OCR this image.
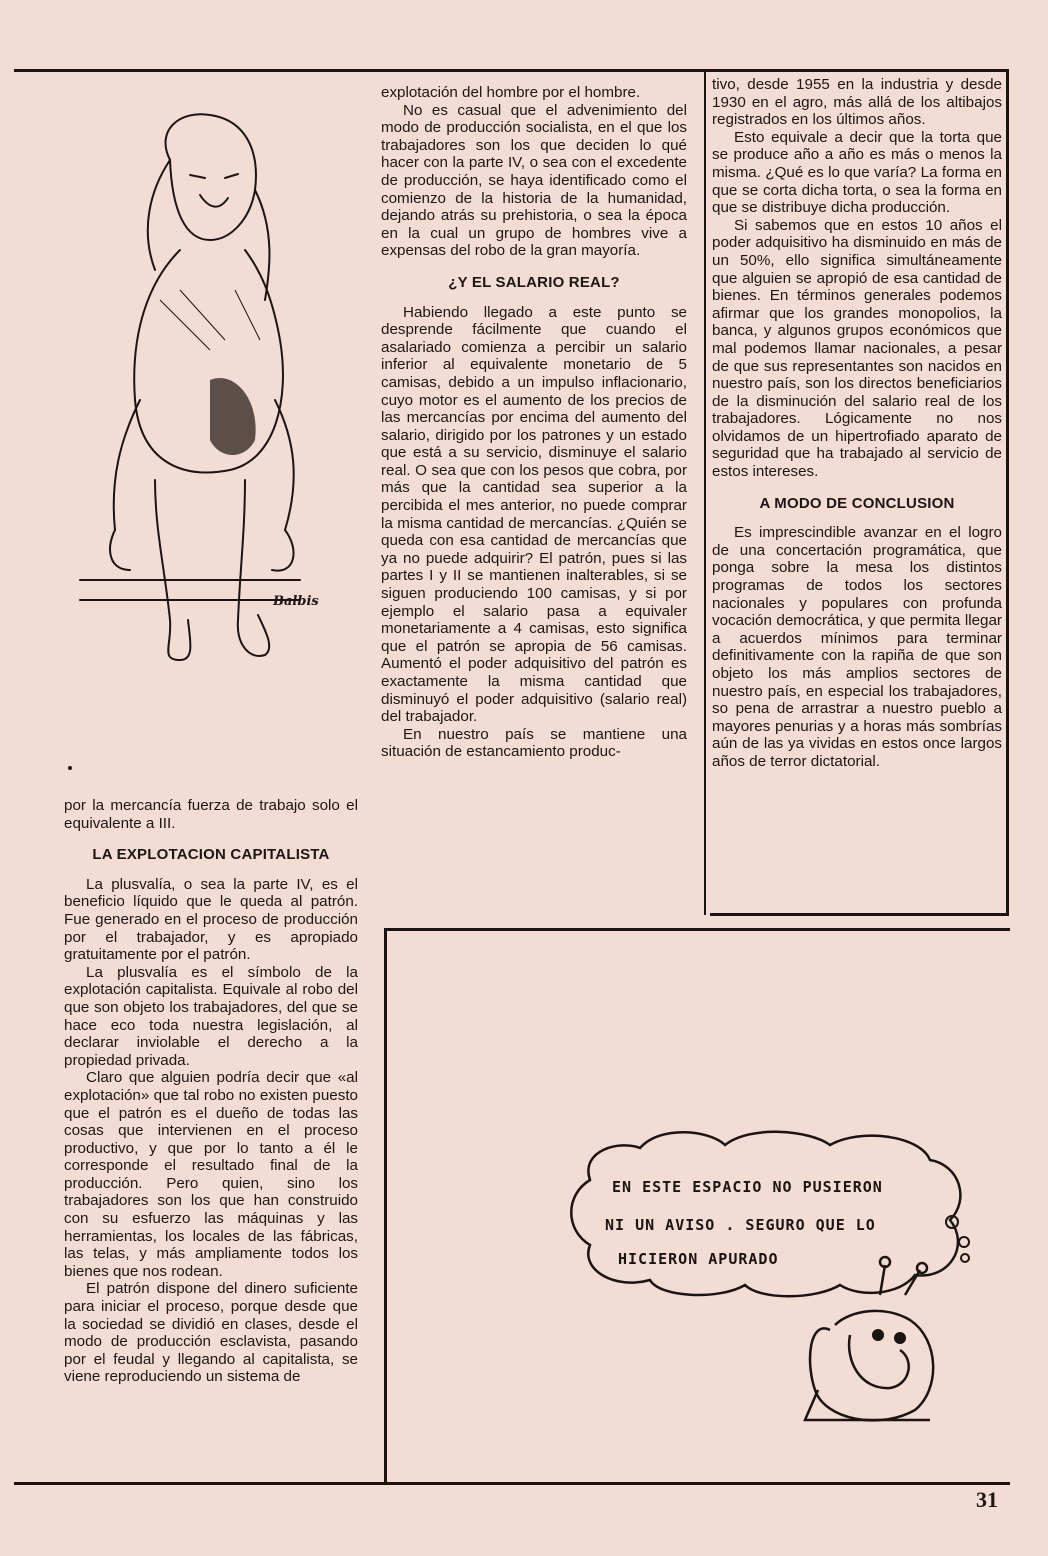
Balbis

por la mercancía fuerza de trabajo solo el equivalente a III.

LA EXPLOTACION CAPITALISTA

La plusvalía, o sea la parte IV, es el beneficio líquido que le queda al patrón. Fue generado en el proceso de producción por el trabajador, y es apropiado gratuitamente por el patrón.

La plusvalía es el símbolo de la explotación capitalista. Equivale al robo del que son objeto los trabajadores, del que se hace eco toda nuestra legislación, al declarar inviolable el derecho a la propiedad privada.

Claro que alguien podría decir que «al explotación» que tal robo no existen puesto que el patrón es el dueño de todas las cosas que intervienen en el proceso productivo, y que por lo tanto a él le corresponde el resultado final de la producción. Pero quien, sino los trabajadores son los que han construido con su esfuerzo las máquinas y las herramientas, los locales de las fábricas, las telas, y más ampliamente todos los bienes que nos rodean.

El patrón dispone del dinero suficiente para iniciar el proceso, porque desde que la sociedad se dividió en clases, desde el modo de producción esclavista, pasando por el feudal y llegando al capitalista, se viene reproduciendo un sistema de

explotación del hombre por el hombre.

No es casual que el advenimiento del modo de producción socialista, en el que los trabajadores son los que deciden lo qué hacer con la parte IV, o sea con el excedente de producción, se haya identificado como el comienzo de la historia de la humanidad, dejando atrás su prehistoria, o sea la época en la cual un grupo de hombres vive a expensas del robo de la gran mayoría.

¿Y EL SALARIO REAL?

Habiendo llegado a este punto se desprende fácilmente que cuando el asalariado comienza a percibir un salario inferior al equivalente monetario de 5 camisas, debido a un impulso inflacionario, cuyo motor es el aumento de los precios de las mercancías por encima del aumento del salario, dirigido por los patrones y un estado que está a su servicio, disminuye el salario real. O sea que con los pesos que cobra, por más que la cantidad sea superior a la percibida el mes anterior, no puede comprar la misma cantidad de mercancías. ¿Quién se queda con esa cantidad de mercancías que ya no puede adquirir? El patrón, pues si las partes I y II se mantienen inalterables, si se siguen produciendo 100 camisas, y si por ejemplo el salario pasa a equivaler monetariamente a 4 camisas, esto significa que el patrón se apropia de 56 camisas. Aumentó el poder adquisitivo del patrón es exactamente la misma cantidad que disminuyó el poder adquisitivo (salario real) del trabajador.

En nuestro país se mantiene una situación de estancamiento produc-

tivo, desde 1955 en la industria y desde 1930 en el agro, más allá de los altibajos registrados en los últimos años.

Esto equivale a decir que la torta que se produce año a año es más o menos la misma. ¿Qué es lo que varía? La forma en que se corta dicha torta, o sea la forma en que se distribuye dicha producción.

Si sabemos que en estos 10 años el poder adquisitivo ha disminuido en más de un 50%, ello significa simultáneamente que alguien se apropió de esa cantidad de bienes. En términos generales podemos afirmar que los grandes monopolios, la banca, y algunos grupos económicos que mal podemos llamar nacionales, a pesar de que sus representantes son nacidos en nuestro país, son los directos beneficiarios de la disminución del salario real de los trabajadores. Lógicamente no nos olvidamos de un hipertrofiado aparato de seguridad que ha trabajado al servicio de estos intereses.

A MODO DE CONCLUSION

Es imprescindible avanzar en el logro de una concertación programática, que ponga sobre la mesa los distintos programas de todos los sectores nacionales y populares con profunda vocación democrática, y que permita llegar a acuerdos mínimos para terminar definitivamente con la rapiña de que son objeto los más amplios sectores de nuestro país, en especial los trabajadores, so pena de arrastrar a nuestro pueblo a mayores penurias y a horas más sombrías aún de las ya vividas en estos once largos años de terror dictatorial.

EN ESTE ESPACIO NO PUSIERON
NI UN AVISO . SEGURO QUE LO
HICIERON APURADO
31
